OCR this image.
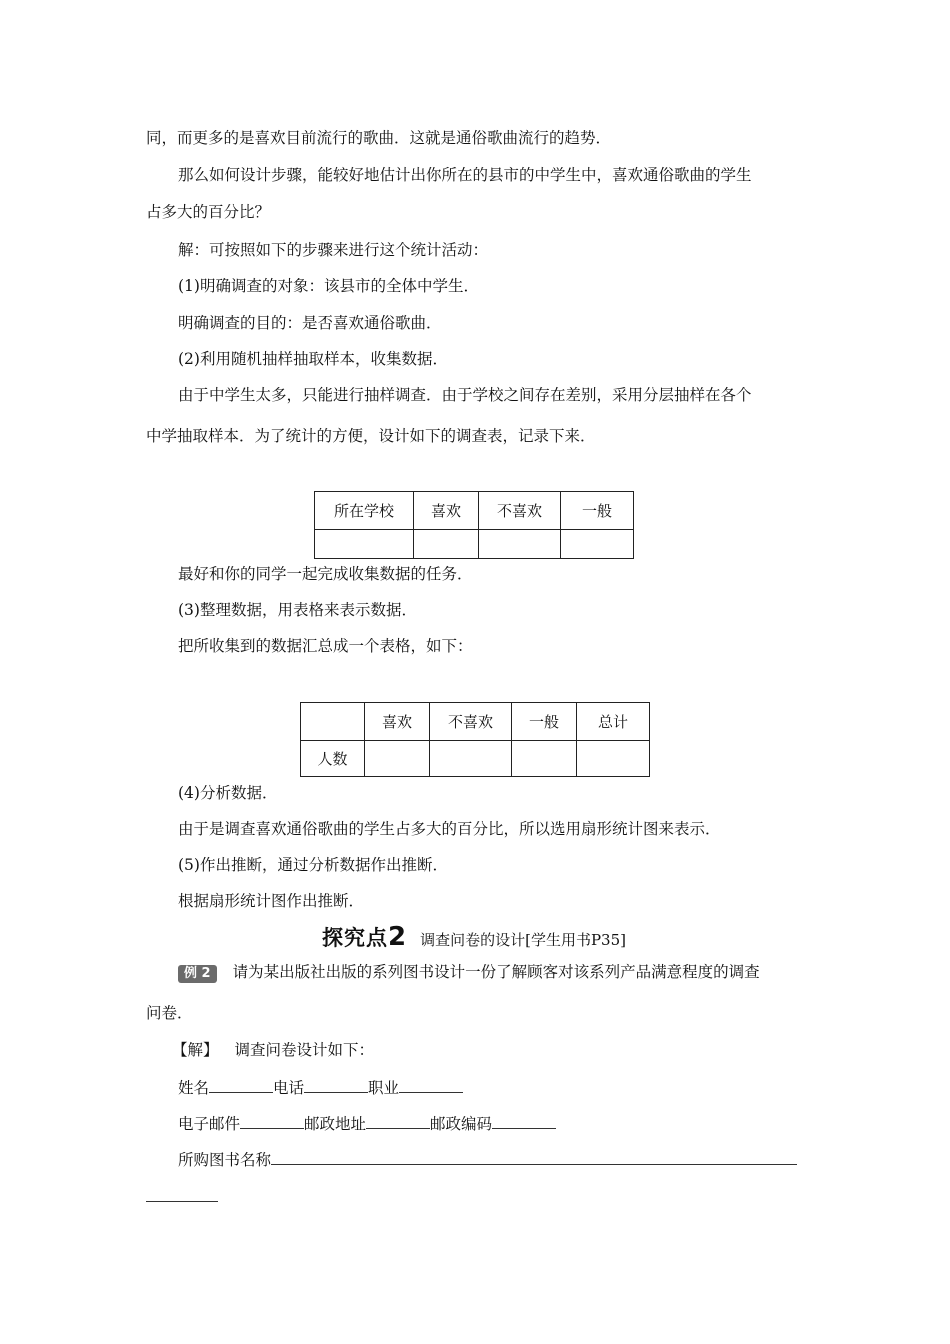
同，而更多的是喜欢目前流行的歌曲．这就是通俗歌曲流行的趋势．
那么如何设计步骤，能较好地估计出你所在的县市的中学生中，喜欢通俗歌曲的学生
占多大的百分比？
解：可按照如下的步骤来进行这个统计活动：
(1)明确调查的对象：该县市的全体中学生．
明确调查的目的：是否喜欢通俗歌曲．
(2)利用随机抽样抽取样本，收集数据．
由于中学生太多，只能进行抽样调查．由于学校之间存在差别，采用分层抽样在各个
中学抽取样本．为了统计的方便，设计如下的调查表，记录下来．
所在学校	喜欢	不喜欢	一般

最好和你的同学一起完成收集数据的任务．
(3)整理数据，用表格来表示数据．
把所收集到的数据汇总成一个表格，如下：
	喜欢	不喜欢	一般	总计
人数				
(4)分析数据．
由于是调查喜欢通俗歌曲的学生占多大的百分比，所以选用扇形统计图来表示．
(5)作出推断，通过分析数据作出推断．
根据扇形统计图作出推断．
探究点2 调查问卷的设计[学生用书P35]
例 2 请为某出版社出版的系列图书设计一份了解顾客对该系列产品满意程度的调查
问卷．
【解】 调查问卷设计如下：
姓名	电话	职业
电子邮件	邮政地址	邮政编码
所购图书名称
